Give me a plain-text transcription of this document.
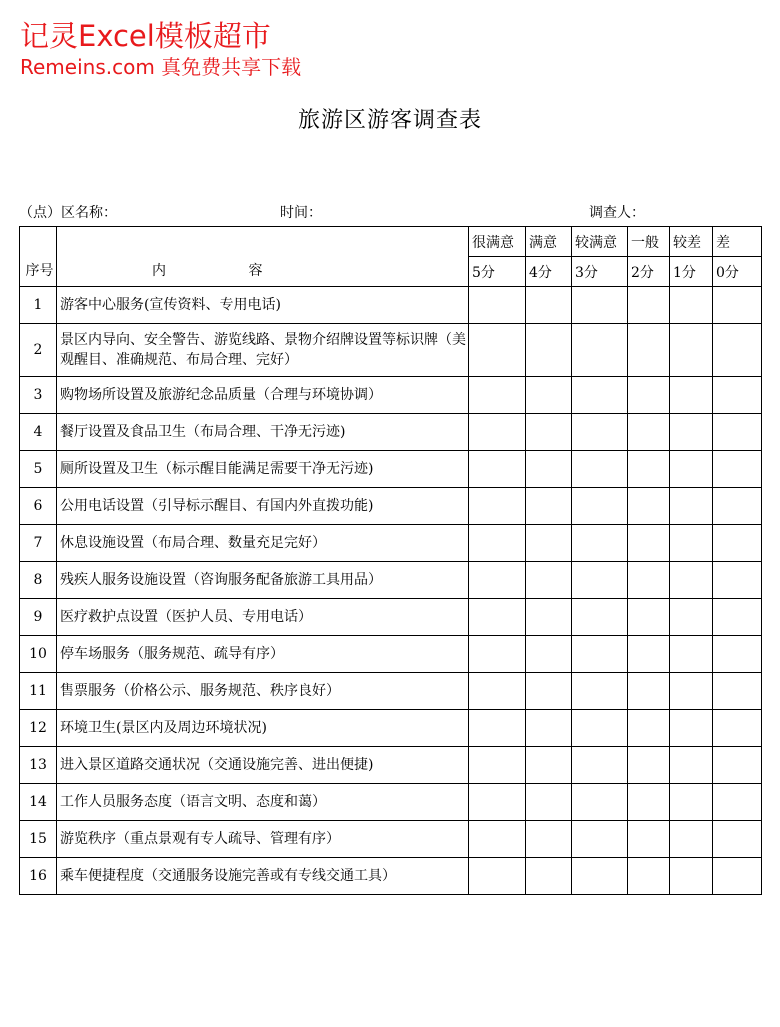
记灵Excel模板超市
Remeins.com 真免费共享下载
旅游区游客调查表
（点）区名称：	时间：	调查人：
序号	内 容	很满意	满意	较满意	一般	较差	差
		5分	4分	3分	2分	1分	0分
1	游客中心服务(宣传资料、专用电话)						
2	景区内导向、安全警告、游览线路、景物介绍牌设置等标识牌（美观醒目、准确规范、布局合理、完好）						
3	购物场所设置及旅游纪念品质量（合理与环境协调）						
4	餐厅设置及食品卫生（布局合理、干净无污迹)						
5	厕所设置及卫生（标示醒目能满足需要干净无污迹)						
6	公用电话设置（引导标示醒目、有国内外直拨功能)						
7	休息设施设置（布局合理、数量充足完好）						
8	残疾人服务设施设置（咨询服务配备旅游工具用品）						
9	医疗救护点设置（医护人员、专用电话）						
10	停车场服务（服务规范、疏导有序）						
11	售票服务（价格公示、服务规范、秩序良好）						
12	环境卫生(景区内及周边环境状况)						
13	进入景区道路交通状况（交通设施完善、进出便捷)						
14	工作人员服务态度（语言文明、态度和蔼）						
15	游览秩序（重点景观有专人疏导、管理有序）						
16	乘车便捷程度（交通服务设施完善或有专线交通工具）						
